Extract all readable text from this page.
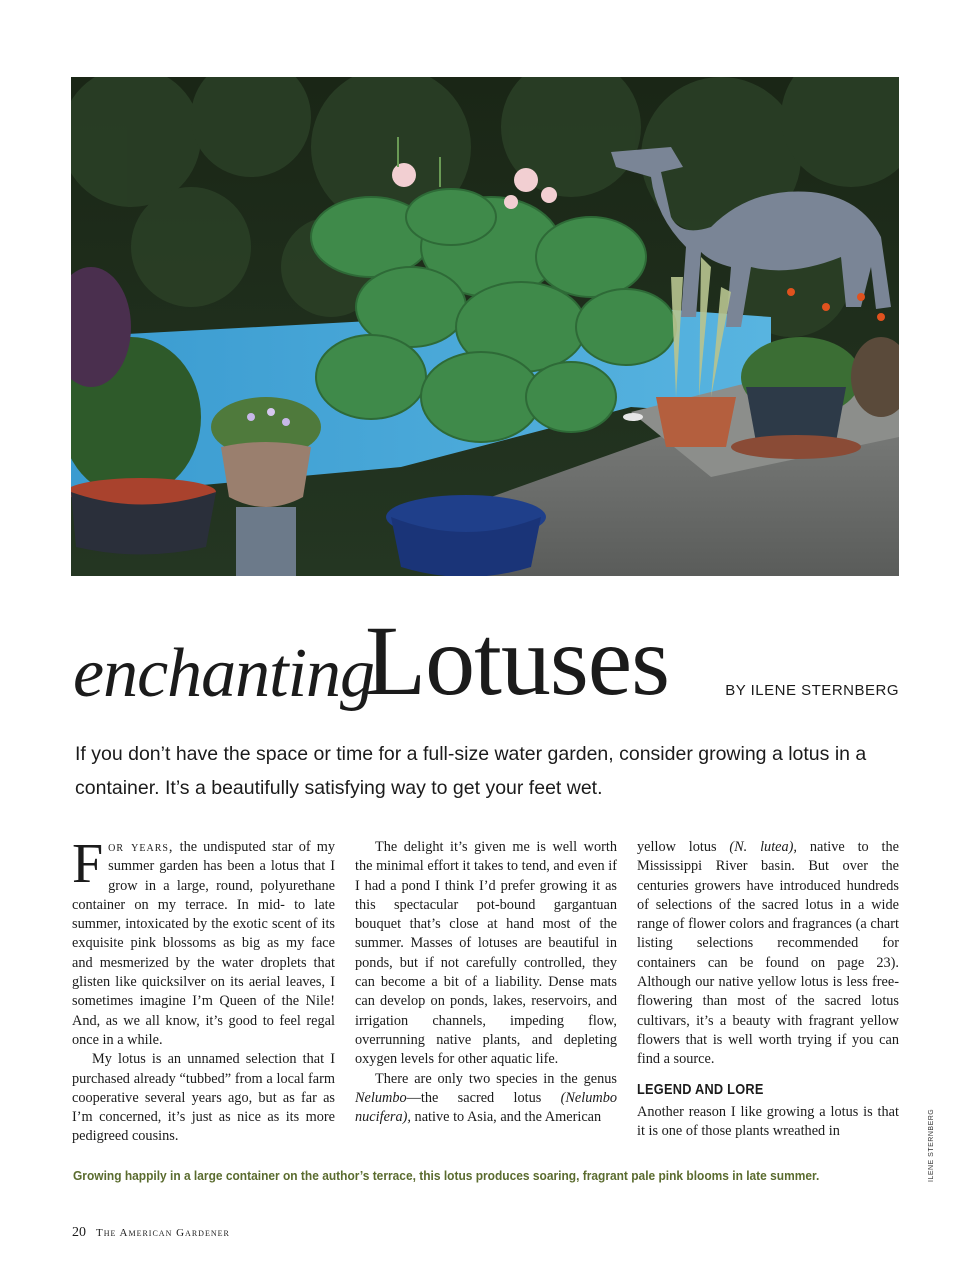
enchanting
Lotuses	BY ILENE STERNBERG

If you don’t have the space or time for a full-size water garden, consider growing a lotus in a

container. It’s a beautifully satisfying way to get your feet wet.

For years, the undisputed star of my summer garden has been a lotus that I grow in a large, round, polyurethane container on my terrace. In mid- to late summer, intoxicated by the exotic scent of its exquisite pink blossoms as big as my face and mesmerized by the water droplets that glisten like quicksilver on its aerial leaves, I sometimes imagine I’m Queen of the Nile! And, as we all know, it’s good to feel regal once in a while.

My lotus is an unnamed selection that I purchased already “tubbed” from a local farm cooperative several years ago, but as far as I’m concerned, it’s just as nice as its more pedigreed cousins.

The delight it’s given me is well worth the minimal effort it takes to tend, and even if I had a pond I think I’d prefer growing it as this spectacular pot-bound gargantuan bouquet that’s close at hand most of the summer. Masses of lotuses are beautiful in ponds, but if not carefully controlled, they can become a bit of a liability. Dense mats can develop on ponds, lakes, reservoirs, and irrigation channels, impeding flow, overrunning native plants, and depleting oxygen levels for other aquatic life.

There are only two species in the genus Nelumbo—the sacred lotus (Nelumbo nucifera), native to Asia, and the American

yellow lotus (N. lutea), native to the Mississippi River basin. But over the centuries growers have introduced hundreds of selections of the sacred lotus in a wide range of flower colors and fragrances (a chart listing selections recommended for containers can be found on page 23). Although our native yellow lotus is less free-flowering than most of the sacred lotus cultivars, it’s a beauty with fragrant yellow flowers that is well worth trying if you can find a source.

LEGEND AND LORE

Another reason I like growing a lotus is that it is one of those plants wreathed in

Growing happily in a large container on the author’s terrace, this lotus produces soaring, fragrant pale pink blooms in late summer.	ILENE STERNBERG
20 The American Gardener
